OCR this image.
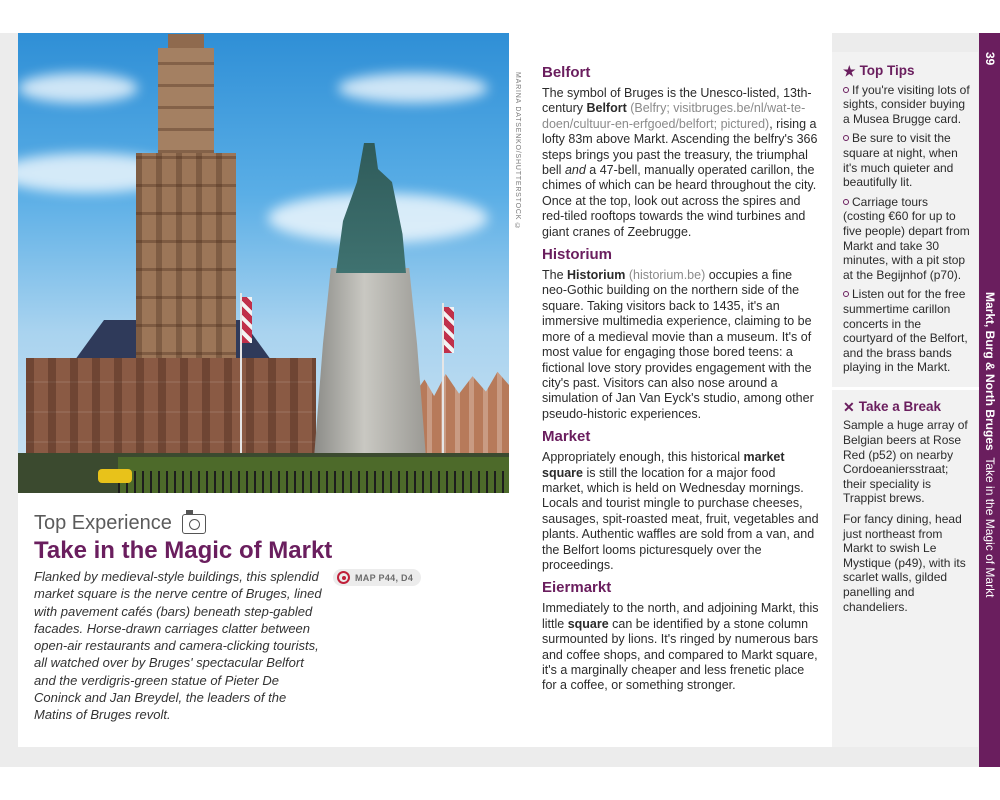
MARINA DATSENKO/SHUTTERSTOCK ©
Top Experience
Take in the Magic of Markt
Flanked by medieval-style buildings, this splendid market square is the nerve centre of Bruges, lined with pavement cafés (bars) beneath step-gabled facades. Horse-drawn carriages clatter between open-air restaurants and camera-clicking tourists, all watched over by Bruges' spectacular Belfort and the verdigris-green statue of Pieter De Coninck and Jan Breydel, the leaders of the Matins of Bruges revolt.
MAP P44, D4
Belfort

The symbol of Bruges is the Unesco-listed, 13th-century Belfort (Belfry; visitbruges.be/nl/wat-te-doen/cultuur-en-erfgoed/belfort; pictured), rising a lofty 83m above Markt. Ascending the belfry's 366 steps brings you past the treasury, the triumphal bell and a 47-bell, manually operated carillon, the chimes of which can be heard throughout the city. Once at the top, look out across the spires and red-tiled rooftops towards the wind turbines and giant cranes of Zeebrugge.

Historium

The Historium (historium.be) occupies a fine neo-Gothic building on the northern side of the square. Taking visitors back to 1435, it's an immersive multimedia experience, claiming to be more of a medieval movie than a museum. It's of most value for engaging those bored teens: a fictional love story provides engagement with the city's past. Visitors can also nose around a simulation of Jan Van Eyck's studio, among other pseudo-historic experiences.

Market

Appropriately enough, this historical market square is still the location for a major food market, which is held on Wednesday mornings. Locals and tourist mingle to purchase cheeses, sausages, spit-roasted meat, fruit, vegetables and plants. Authentic waffles are sold from a van, and the Belfort looms picturesquely over the proceedings.

Eiermarkt

Immediately to the north, and adjoining Markt, this little square can be identified by a stone column surmounted by lions. It's ringed by numerous bars and coffee shops, and compared to Markt square, it's a marginally cheaper and less frenetic place for a coffee, or something stronger.

★ Top Tips
If you're visiting lots of sights, consider buying a Musea Brugge card.
Be sure to visit the square at night, when it's much quieter and beautifully lit.
Carriage tours (costing €60 for up to five people) depart from Markt and take 30 minutes, with a pit stop at the Begijnhof (p70).
Listen out for the free summertime carillon concerts in the courtyard of the Belfort, and the brass bands playing in the Markt.
✕ Take a Break

Sample a huge array of Belgian beers at Rose Red (p52) on nearby Cordoeaniersstraat; their speciality is Trappist brews.

For fancy dining, head just northeast from Markt to swish Le Mystique (p49), with its scarlet walls, gilded panelling and chandeliers.

39
Markt, Burg & North Bruges  Take in the Magic of Markt
